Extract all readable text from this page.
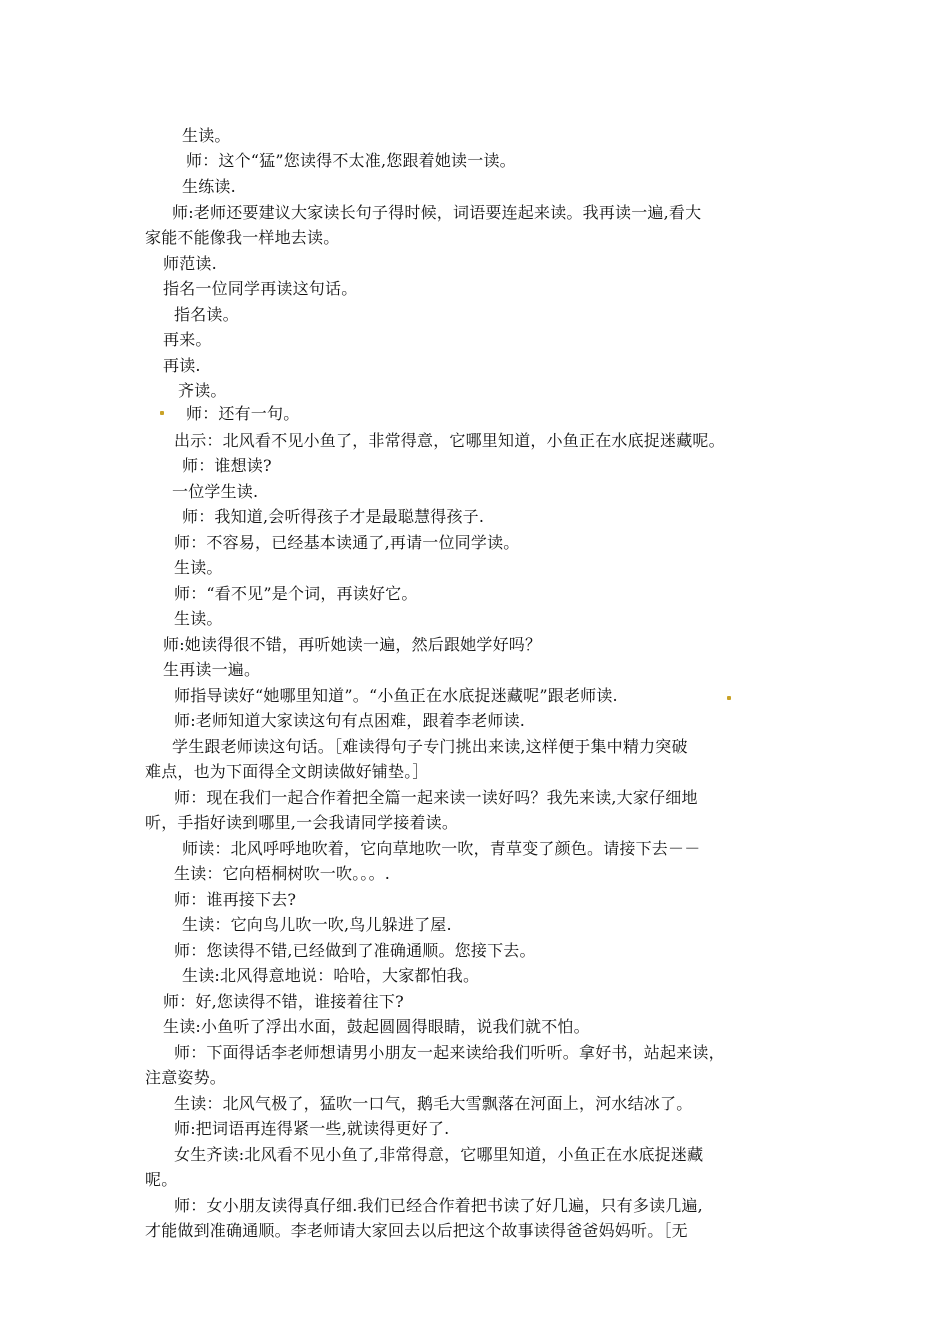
生读。
师：这个“猛”您读得不太准,您跟着她读一读。
生练读.
师:老师还要建议大家读长句子得时候，词语要连起来读。我再读一遍,看大
家能不能像我一样地去读。
师范读.
指名一位同学再读这句话。
指名读。
再来。
再读.
齐读。
师：还有一句。
出示：北风看不见小鱼了，非常得意，它哪里知道，小鱼正在水底捉迷藏呢。
师：谁想读?
一位学生读.
师：我知道,会听得孩子才是最聪慧得孩子.
师：不容易，已经基本读通了,再请一位同学读。
生读。
师：“看不见”是个词，再读好它。
生读。
师:她读得很不错，再听她读一遍，然后跟她学好吗？
生再读一遍。
师指导读好“她哪里知道”。“小鱼正在水底捉迷藏呢”跟老师读.
师:老师知道大家读这句有点困难，跟着李老师读.
学生跟老师读这句话。［难读得句子专门挑出来读,这样便于集中精力突破
难点，也为下面得全文朗读做好铺垫。］
师：现在我们一起合作着把全篇一起来读一读好吗？我先来读,大家仔细地
听，手指好读到哪里,一会我请同学接着读。
师读：北风呼呼地吹着，它向草地吹一吹，青草变了颜色。请接下去－－
生读：它向梧桐树吹一吹。。。.
师：谁再接下去?
生读：它向鸟儿吹一吹,鸟儿躲进了屋.
师：您读得不错,已经做到了准确通顺。您接下去。
生读:北风得意地说：哈哈，大家都怕我。
师：好,您读得不错，谁接着往下?
生读:小鱼听了浮出水面，鼓起圆圆得眼睛，说我们就不怕。
师：下面得话李老师想请男小朋友一起来读给我们听听。拿好书，站起来读，
注意姿势。
生读：北风气极了，猛吹一口气，鹅毛大雪飘落在河面上，河水结冰了。
师:把词语再连得紧一些,就读得更好了.
女生齐读:北风看不见小鱼了,非常得意，它哪里知道，小鱼正在水底捉迷藏
呢。
师：女小朋友读得真仔细.我们已经合作着把书读了好几遍，只有多读几遍,
才能做到准确通顺。李老师请大家回去以后把这个故事读得爸爸妈妈听。［无
